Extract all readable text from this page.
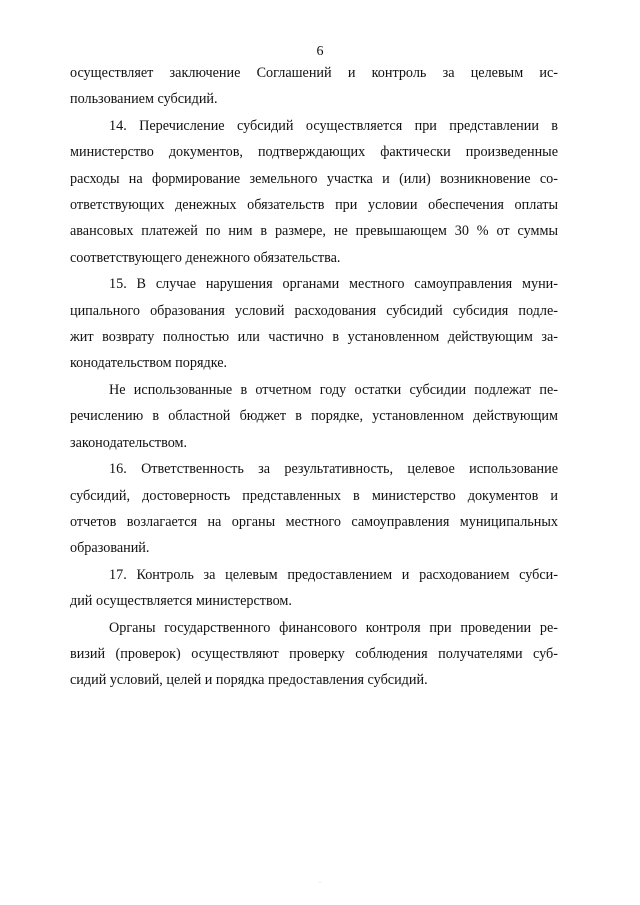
6

осуществляет заключение Соглашений и контроль за целевым ис-
пользованием субсидий.

14. Перечисление субсидий осуществляется при представлении в
министерство документов, подтверждающих фактически произведенные
расходы на формирование земельного участка и (или) возникновение со-
ответствующих денежных обязательств при условии обеспечения оплаты
авансовых платежей по ним в размере, не превышающем 30 % от суммы
соответствующего денежного обязательства.

15. В случае нарушения органами местного самоуправления муни-
ципального образования условий расходования субсидий субсидия подле-
жит возврату полностью или частично в установленном действующим за-
конодательством порядке.

Не использованные в отчетном году остатки субсидии подлежат пе-
речислению в областной бюджет в порядке, установленном действующим
законодательством.

16. Ответственность за результативность, целевое использование
субсидий, достоверность представленных в министерство документов и
отчетов возлагается на органы местного самоуправления муниципальных
образований.

17. Контроль за целевым предоставлением и расходованием субси-
дий осуществляется министерством.

Органы государственного финансового контроля при проведении ре-
визий (проверок) осуществляют проверку соблюдения получателями суб-
сидий условий, целей и порядка предоставления субсидий.

·
